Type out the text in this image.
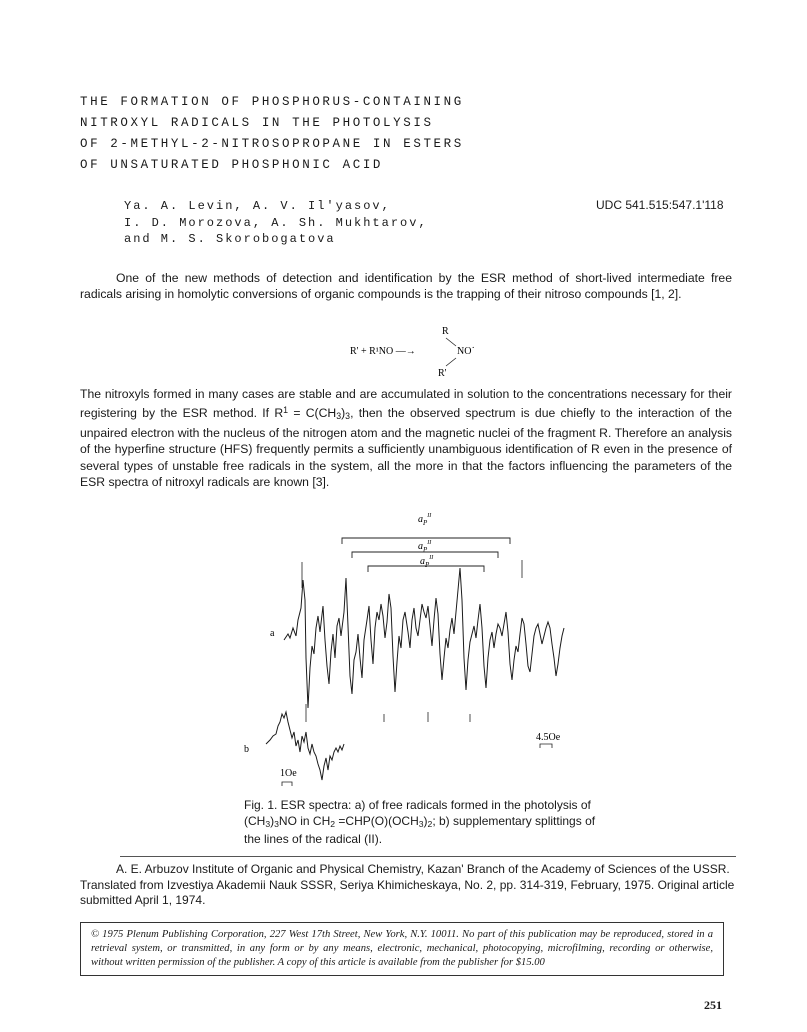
THE FORMATION OF PHOSPHORUS-CONTAINING
NITROXYL RADICALS IN THE PHOTOLYSIS
OF 2-METHYL-2-NITROSOPROPANE IN ESTERS
OF UNSATURATED PHOSPHONIC ACID
Ya. A. Levin, A. V. Il'yasov,
I. D. Morozova, A. Sh. Mukhtarov,
and M. S. Skorobogatova
UDC 541.515:547.1'118
One of the new methods of detection and identification by the ESR method of short-lived intermediate free radicals arising in homolytic conversions of organic compounds is the trapping of their nitroso compounds [1, 2].
R' + R¹NO —→
R
NO˙
R'
The nitroxyls formed in many cases are stable and are accumulated in solution to the concentrations necessary for their registering by the ESR method. If $R^1 = C(CH_3)_3$, then the observed spectrum is due chiefly to the interaction of the unpaired electron with the nucleus of the nitrogen atom and the magnetic nuclei of the fragment R. Therefore an analysis of the hyperfine structure (HFS) frequently permits a sufficiently unambiguous identification of R even in the presence of several types of unstable free radicals in the system, all the more in that the factors influencing the parameters of the ESR spectra of nitroxyl radicals are known [3].
$a_P^{II}$
$a_P^{II}$
$a_P^{II}$
a
4.5Oe
b
1Oe
Fig. 1. ESR spectra: a) of free radicals formed in the photolysis of $(CH_3)_3NO$ in $CH_2 =CHP(O)(OCH_3)_2$; b) supplementary splittings of the lines of the radical (II).
A. E. Arbuzov Institute of Organic and Physical Chemistry, Kazan' Branch of the Academy of Sciences of the USSR. Translated from Izvestiya Akademii Nauk SSSR, Seriya Khimicheskaya, No. 2, pp. 314-319, February, 1975. Original article submitted April 1, 1974.
© 1975 Plenum Publishing Corporation, 227 West 17th Street, New York, N.Y. 10011. No part of this publication may be reproduced, stored in a retrieval system, or transmitted, in any form or by any means, electronic, mechanical, photocopying, microfilming, recording or otherwise, without written permission of the publisher. A copy of this article is available from the publisher for $15.00
251
